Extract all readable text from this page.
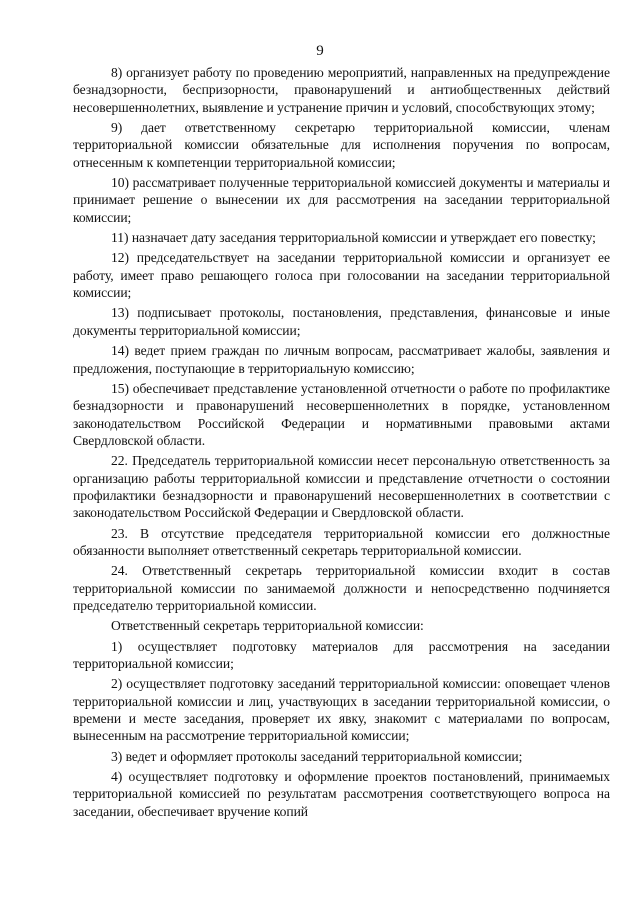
9

8) организует работу по проведению мероприятий, направленных на предупреждение безнадзорности, беспризорности, правонарушений и антиобщественных действий несовершеннолетних, выявление и устранение причин и условий, способствующих этому;

9) дает ответственному секретарю территориальной комиссии, членам территориальной комиссии обязательные для исполнения поручения по вопросам, отнесенным к компетенции территориальной комиссии;

10) рассматривает полученные территориальной комиссией документы и материалы и принимает решение о вынесении их для рассмотрения на заседании территориальной комиссии;

11) назначает дату заседания территориальной комиссии и утверждает его повестку;

12) председательствует на заседании территориальной комиссии и организует ее работу, имеет право решающего голоса при голосовании на заседании территориальной комиссии;

13) подписывает протоколы, постановления, представления, финансовые и иные документы территориальной комиссии;

14) ведет прием граждан по личным вопросам, рассматривает жалобы, заявления и предложения, поступающие в территориальную комиссию;

15) обеспечивает представление установленной отчетности о работе по профилактике безнадзорности и правонарушений несовершеннолетних в порядке, установленном законодательством Российской Федерации и нормативными правовыми актами Свердловской области.

22. Председатель территориальной комиссии несет персональную ответственность за организацию работы территориальной комиссии и представление отчетности о состоянии профилактики безнадзорности и правонарушений несовершеннолетних в соответствии с законодательством Российской Федерации и Свердловской области.

23. В отсутствие председателя территориальной комиссии его должностные обязанности выполняет ответственный секретарь территориальной комиссии.

24. Ответственный секретарь территориальной комиссии входит в состав территориальной комиссии по занимаемой должности и непосредственно подчиняется председателю территориальной комиссии.

Ответственный секретарь территориальной комиссии:

1) осуществляет подготовку материалов для рассмотрения на заседании территориальной комиссии;

2) осуществляет подготовку заседаний территориальной комиссии: оповещает членов территориальной комиссии и лиц, участвующих в заседании территориальной комиссии, о времени и месте заседания, проверяет их явку, знакомит с материалами по вопросам, вынесенным на рассмотрение территориальной комиссии;

3) ведет и оформляет протоколы заседаний территориальной комиссии;

4) осуществляет подготовку и оформление проектов постановлений, принимаемых территориальной комиссией по результатам рассмотрения соответствующего вопроса на заседании, обеспечивает вручение копий
